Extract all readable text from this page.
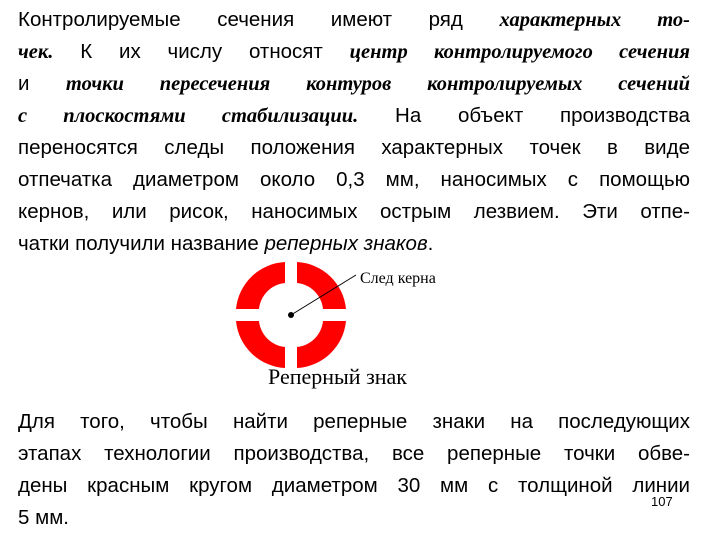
Контролируемые сечения имеют ряд характерных то-
чек. К их числу относят центр контролируемого сечения
и точки пересечения контуров контролируемых сечений
с плоскостями стабилизации. На объект производства
переносятся следы положения характерных точек в виде
отпечатка диаметром около 0,3 мм, наносимых с помощью
кернов, или рисок, наносимых острым лезвием. Эти отпе-
чатки получили название реперных знаков.
След керна
Реперный знак
Для того, чтобы найти реперные знаки на последующих
этапах технологии производства, все реперные точки обве-
дены красным кругом диаметром 30 мм с толщиной линии
5 мм.
107
